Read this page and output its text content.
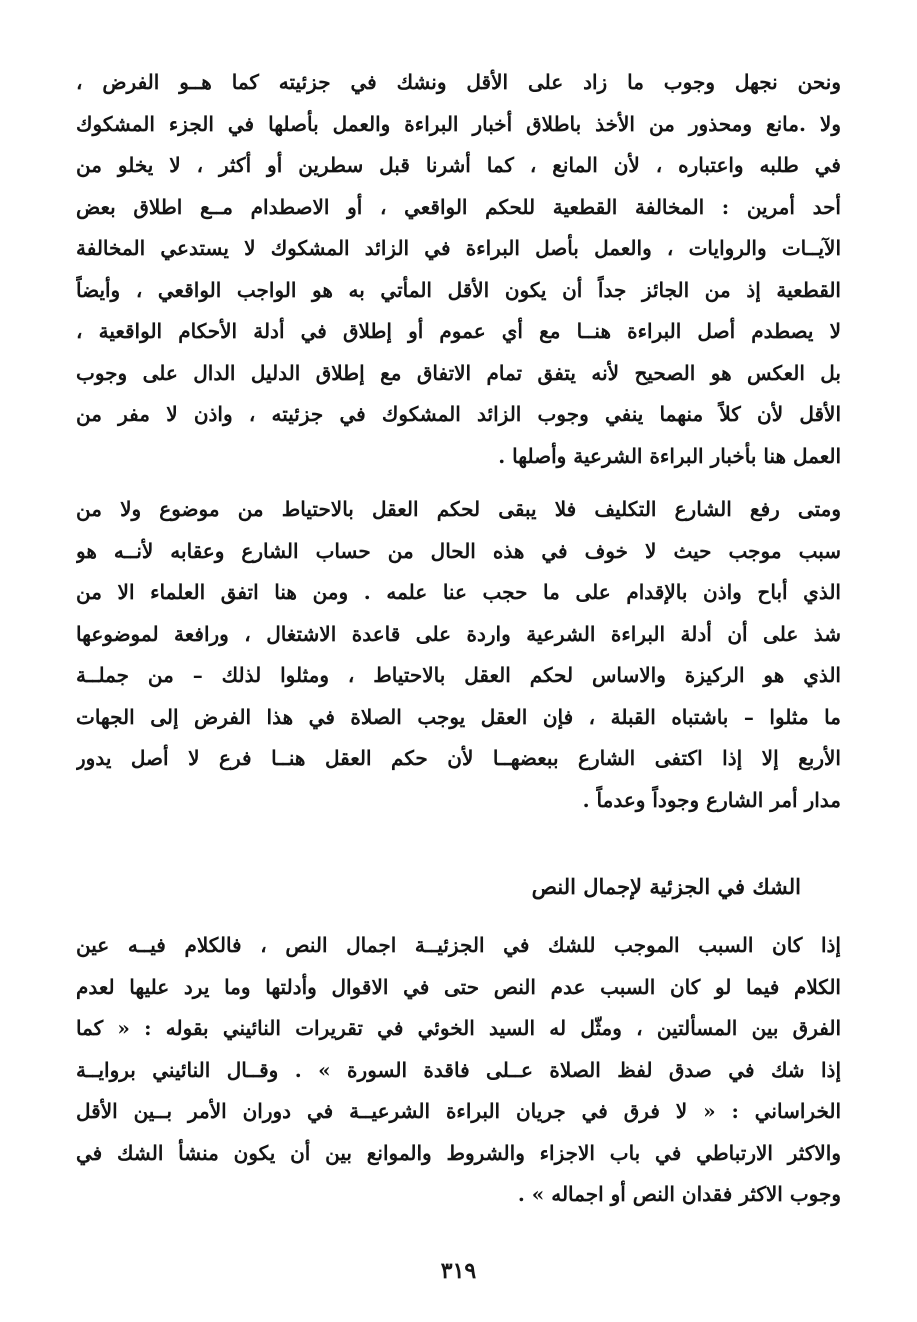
ونحن نجهل وجوب ما زاد على الأقل ونشك في جزئيته كما هــو الفرض ،
ولا .مانع ومحذور من الأخذ باطلاق أخبار البراءة والعمل بأصلها في الجزء المشكوك
في طلبه واعتباره ، لأن المانع ، كما أشرنا قبل سطرين أو أكثر ، لا يخلو من
أحد أمرين : المخالفة القطعية للحكم الواقعي ، أو الاصطدام مــع اطلاق بعض
الآيــات والروايات ، والعمل بأصل البراءة في الزائد المشكوك لا يستدعي المخالفة
القطعية إذ من الجائز جداً أن يكون الأقل المأتي به هو الواجب الواقعي ، وأيضاً
لا يصطدم أصل البراءة هنــا مع أي عموم أو إطلاق في أدلة الأحكام الواقعية ،
بل العكس هو الصحيح لأنه يتفق تمام الاتفاق مع إطلاق الدليل الدال على وجوب
الأقل لأن كلاً منهما ينفي وجوب الزائد المشكوك في جزئيته ، واذن لا مفر من
العمل هنا بأخبار البراءة الشرعية وأصلها .
ومتى رفع الشارع التكليف فلا يبقى لحكم العقل بالاحتياط من موضوع ولا من
سبب موجب حيث لا خوف في هذه الحال من حساب الشارع وعقابه لأنــه هو
الذي أباح واذن بالإقدام على ما حجب عنا علمه . ومن هنا اتفق العلماء الا من
شذ على أن أدلة البراءة الشرعية واردة على قاعدة الاشتغال ، ورافعة لموضوعها
الذي هو الركيزة والاساس لحكم العقل بالاحتياط ، ومثلوا لذلك – من جملــة
ما مثلوا – باشتباه القبلة ، فإن العقل يوجب الصلاة في هذا الفرض إلى الجهات
الأربع إلا إذا اكتفى الشارع ببعضهــا لأن حكم العقل هنــا فرع لا أصل يدور
مدار أمر الشارع وجوداً وعدماً .
الشك في الجزئية لإجمال النص
إذا كان السبب الموجب للشك في الجزئيــة اجمال النص ، فالكلام فيــه عين
الكلام فيما لو كان السبب عدم النص حتى في الاقوال وأدلتها وما يرد عليها لعدم
الفرق بين المسألتين ، ومثّل له السيد الخوئي في تقريرات النائيني بقوله : « كما
إذا شك في صدق لفظ الصلاة عــلى فاقدة السورة » . وقــال النائيني بروايــة
الخراساني : « لا فرق في جريان البراءة الشرعيــة في دوران الأمر بــين الأقل
والاكثر الارتباطي في باب الاجزاء والشروط والموانع بين أن يكون منشأ الشك في
وجوب الاكثر فقدان النص أو اجماله » .
٣١٩
